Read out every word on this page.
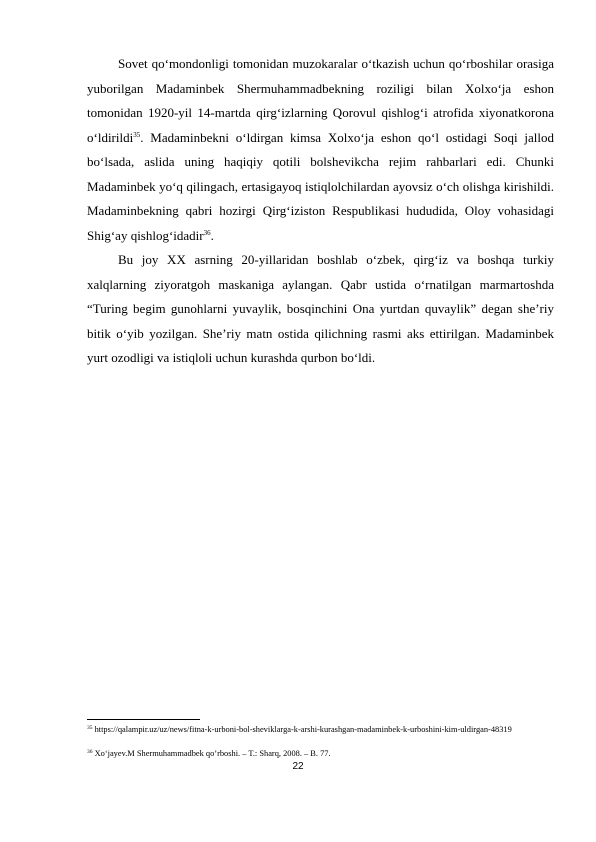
Sovet qo‘mondonligi tomonidan muzokaralar o‘tkazish uchun qo‘rboshilar orasiga yuborilgan Madaminbek Shermuhammadbekning roziligi bilan Xolxo‘ja eshon tomonidan 1920-yil 14-martda qirg‘izlarning Qorovul qishlog‘i atrofida xiyonatkorona o‘ldirildi$^{35}$. Madaminbekni o‘ldirgan kimsa Xolxo‘ja eshon qo‘l ostidagi Soqi jallod bo‘lsada, aslida uning haqiqiy qotili bolshevikcha rejim rahbarlari edi. Chunki Madaminbek yo‘q qilingach, ertasigayoq istiqlolchilardan ayovsiz o‘ch olishga kirishildi. Madaminbekning qabri hozirgi Qirg‘iziston Respublikasi hududida, Oloy vohasidagi Shig‘ay qishlog‘idadir$^{36}$.

Bu joy XX asrning 20-yillaridan boshlab o‘zbek, qirg‘iz va boshqa turkiy xalqlarning ziyoratgoh maskaniga aylangan. Qabr ustida o‘rnatilgan marmartoshda “Turing begim gunohlarni yuvaylik, bosqinchini Ona yurtdan quvaylik” degan she’riy bitik o‘yib yozilgan. She’riy matn ostida qilichning rasmi aks ettirilgan. Madaminbek yurt ozodligi va istiqloli uchun kurashda qurbon bo‘ldi.

$^{35}$ https://qalampir.uz/uz/news/fitna-k-urboni-bol-sheviklarga-k-arshi-kurashgan-madaminbek-k-urboshini-kim-uldirgan-48319

$^{36}$ Xo‘jayev.M Shermuhammadbek qo’rboshi. – T.: Sharq, 2008. – B. 77.

22
